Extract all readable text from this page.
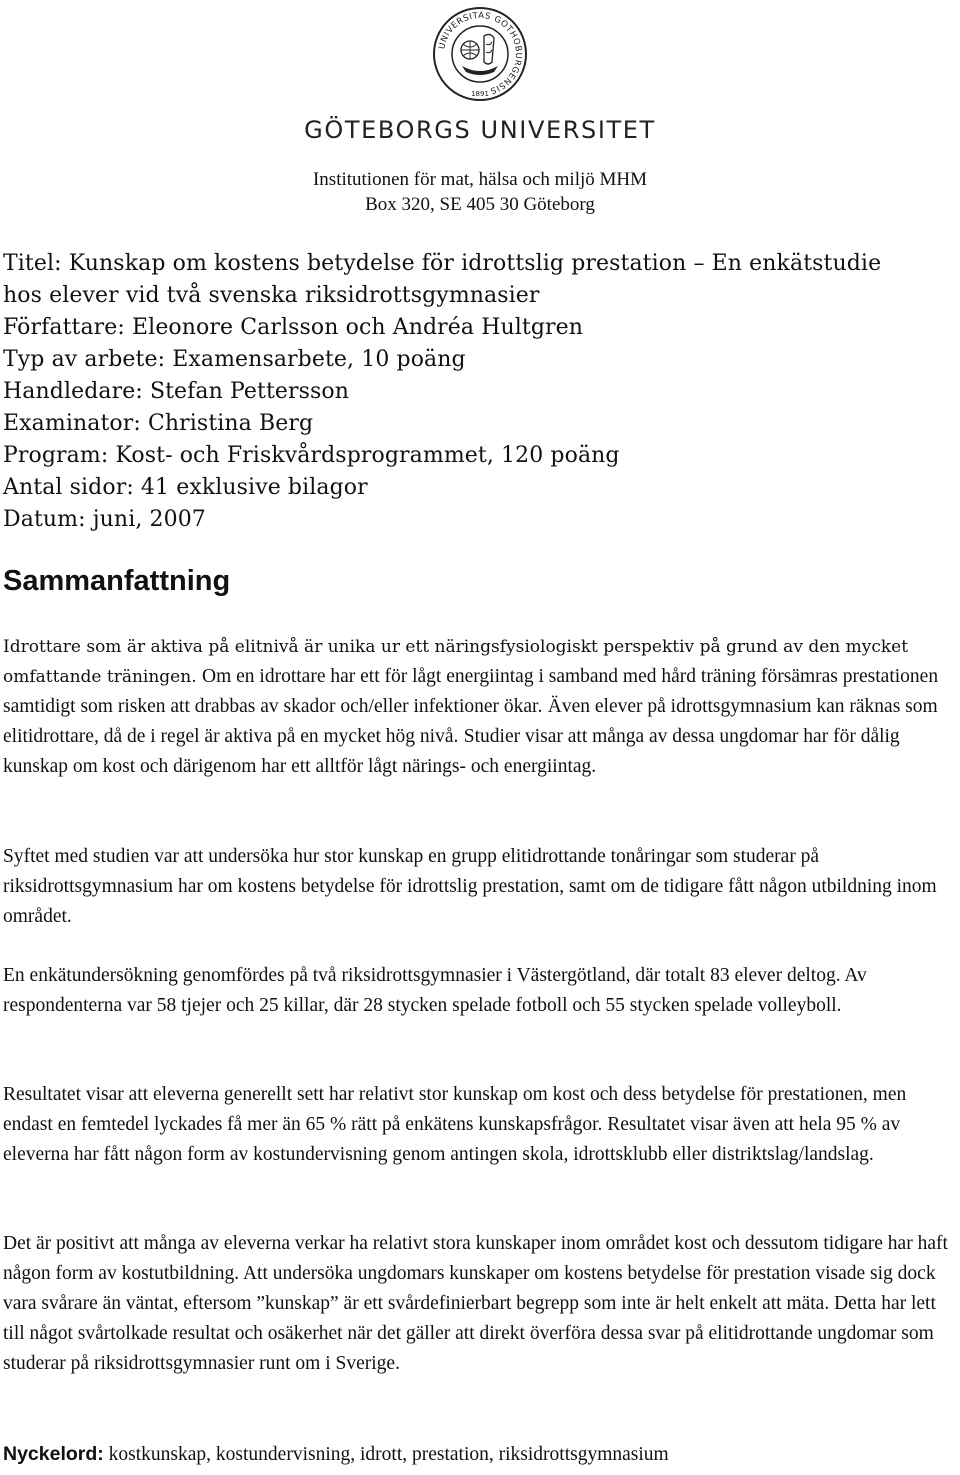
UNIVERSITAS GOTHOBURGENSIS
1891
GÖTEBORGS UNIVERSITET
Institutionen för mat, hälsa och miljö MHM
Box 320, SE 405 30 Göteborg
Titel: Kunskap om kostens betydelse för idrottslig prestation – En enkätstudie
hos elever vid två svenska riksidrottsgymnasier
Författare: Eleonore Carlsson och Andréa Hultgren
Typ av arbete: Examensarbete, 10 poäng
Handledare: Stefan Pettersson
Examinator: Christina Berg
Program: Kost- och Friskvårdsprogrammet, 120 poäng
Antal sidor: 41 exklusive bilagor
Datum: juni, 2007
Sammanfattning
Idrottare som är aktiva på elitnivå är unika ur ett näringsfysiologiskt perspektiv på grund av den mycket omfattande träningen. Om en idrottare har ett för lågt energiintag i samband med hård träning försämras prestationen samtidigt som risken att drabbas av skador och/eller infektioner ökar. Även elever på idrottsgymnasium kan räknas som elitidrottare, då de i regel är aktiva på en mycket hög nivå. Studier visar att många av dessa ungdomar har för dålig kunskap om kost och därigenom har ett alltför lågt närings- och energiintag.
Syftet med studien var att undersöka hur stor kunskap en grupp elitidrottande tonåringar som studerar på riksidrottsgymnasium har om kostens betydelse för idrottslig prestation, samt om de tidigare fått någon utbildning inom området.
En enkätundersökning genomfördes på två riksidrottsgymnasier i Västergötland, där totalt 83 elever deltog. Av respondenterna var 58 tjejer och 25 killar, där 28 stycken spelade fotboll och 55 stycken spelade volleyboll.
Resultatet visar att eleverna generellt sett har relativt stor kunskap om kost och dess betydelse för prestationen, men endast en femtedel lyckades få mer än 65 % rätt på enkätens kunskapsfrågor. Resultatet visar även att hela 95 % av eleverna har fått någon form av kostundervisning genom antingen skola, idrottsklubb eller distriktslag/landslag.
Det är positivt att många av eleverna verkar ha relativt stora kunskaper inom området kost och dessutom tidigare har haft någon form av kostutbildning. Att undersöka ungdomars kunskaper om kostens betydelse för prestation visade sig dock vara svårare än väntat, eftersom ”kunskap” är ett svårdefinierbart begrepp som inte är helt enkelt att mäta. Detta har lett till något svårtolkade resultat och osäkerhet när det gäller att direkt överföra dessa svar på elitidrottande ungdomar som studerar på riksidrottsgymnasier runt om i Sverige.
Nyckelord: kostkunskap, kostundervisning, idrott, prestation, riksidrottsgymnasium
